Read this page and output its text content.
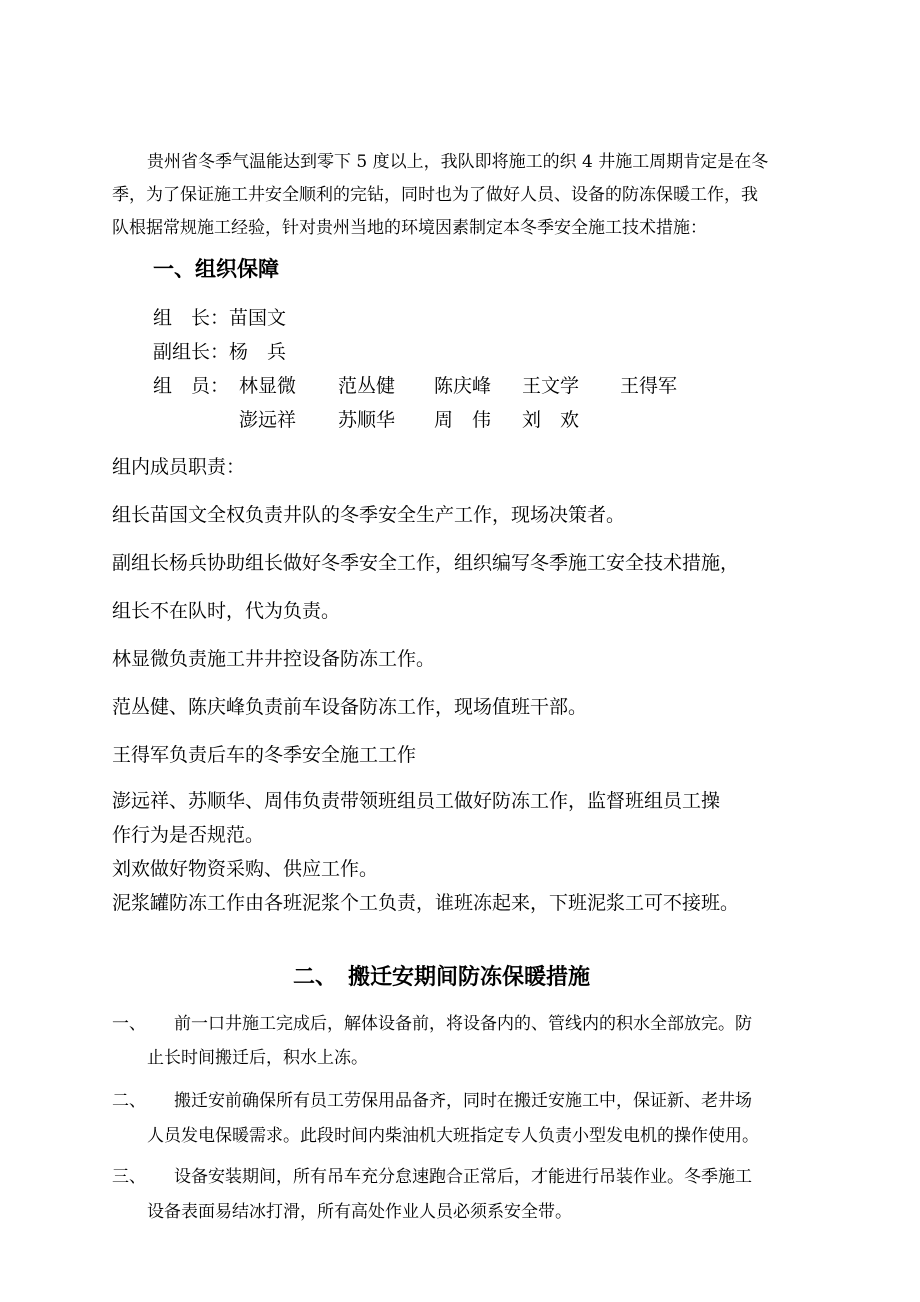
贵州省冬季气温能达到零下 5 度以上，我队即将施工的织 4 井施工周期肯定是在冬

季，为了保证施工井安全顺利的完钻，同时也为了做好人员、设备的防冻保暖工作，我

队根据常规施工经验，针对贵州当地的环境因素制定本冬季安全施工技术措施：

一、组织保障

组　长：苗国文

副组长：杨　兵

组　员： 林显微 范丛健 陈庆峰 王文学 王得军
澎远祥 苏顺华 周　伟 刘　欢

组内成员职责：

组长苗国文全权负责井队的冬季安全生产工作，现场决策者。

副组长杨兵协助组长做好冬季安全工作，组织编写冬季施工安全技术措施，

组长不在队时，代为负责。

林显微负责施工井井控设备防冻工作。

范丛健、陈庆峰负责前车设备防冻工作，现场值班干部。

王得军负责后车的冬季安全施工工作

澎远祥、苏顺华、周伟负责带领班组员工做好防冻工作，监督班组员工操

作行为是否规范。

刘欢做好物资采购、供应工作。

泥浆罐防冻工作由各班泥浆个工负责，谁班冻起来，下班泥浆工可不接班。

二、　搬迁安期间防冻保暖措施

一、 前一口井施工完成后，解体设备前，将设备内的、管线内的积水全部放完。防

止长时间搬迁后，积水上冻。

二、 搬迁安前确保所有员工劳保用品备齐，同时在搬迁安施工中，保证新、老井场

人员发电保暖需求。此段时间内柴油机大班指定专人负责小型发电机的操作使用。

三、 设备安装期间，所有吊车充分怠速跑合正常后，才能进行吊装作业。冬季施工

设备表面易结冰打滑，所有高处作业人员必须系安全带。
